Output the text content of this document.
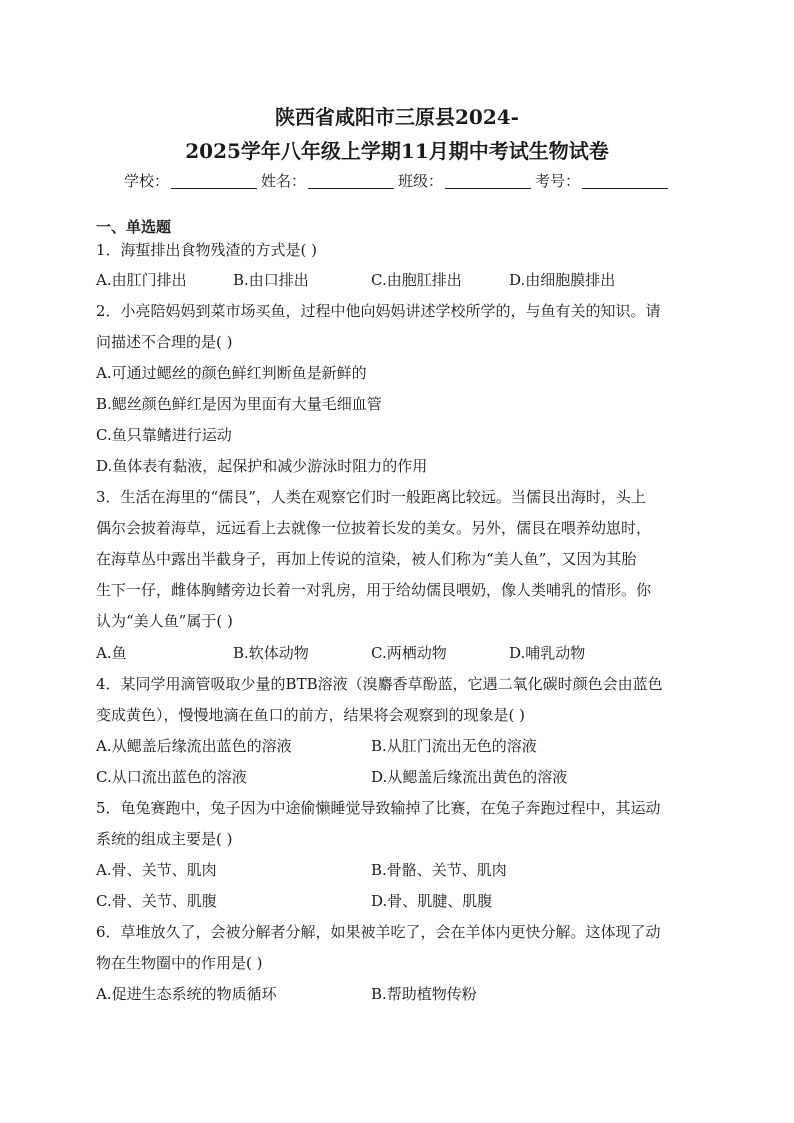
陕西省咸阳市三原县2024-
2025学年八年级上学期11月期中考试生物试卷
学校：	姓名：	班级：	考号：
一、单选题
1．海蜇排出食物残渣的方式是( )
A.由肛门排出	B.由口排出	C.由胞肛排出	D.由细胞膜排出
2．小亮陪妈妈到菜市场买鱼，过程中他向妈妈讲述学校所学的，与鱼有关的知识。请
问描述不合理的是( )
A.可通过鳃丝的颜色鲜红判断鱼是新鲜的
B.鳃丝颜色鲜红是因为里面有大量毛细血管
C.鱼只靠鳍进行运动
D.鱼体表有黏液，起保护和减少游泳时阻力的作用
3．生活在海里的“儒艮”，人类在观察它们时一般距离比较远。当儒艮出海时，头上
偶尔会披着海草，远远看上去就像一位披着长发的美女。另外，儒艮在喂养幼崽时，
在海草丛中露出半截身子，再加上传说的渲染，被人们称为“美人鱼”，又因为其胎
生下一仔，雌体胸鳍旁边长着一对乳房，用于给幼儒艮喂奶，像人类哺乳的情形。你
认为“美人鱼”属于( )
A.鱼	B.软体动物	C.两栖动物	D.哺乳动物
4．某同学用滴管吸取少量的BTB溶液（溴麝香草酚蓝，它遇二氧化碳时颜色会由蓝色
变成黄色），慢慢地滴在鱼口的前方，结果将会观察到的现象是( )
A.从鳃盖后缘流出蓝色的溶液	B.从肛门流出无色的溶液
C.从口流出蓝色的溶液	D.从鳃盖后缘流出黄色的溶液
5．龟兔赛跑中，兔子因为中途偷懒睡觉导致输掉了比赛，在兔子奔跑过程中，其运动
系统的组成主要是( )
A.骨、关节、肌肉	B.骨骼、关节、肌肉
C.骨、关节、肌腹	D.骨、肌腱、肌腹
6．草堆放久了，会被分解者分解，如果被羊吃了，会在羊体内更快分解。这体现了动
物在生物圈中的作用是( )
A.促进生态系统的物质循环	B.帮助植物传粉
